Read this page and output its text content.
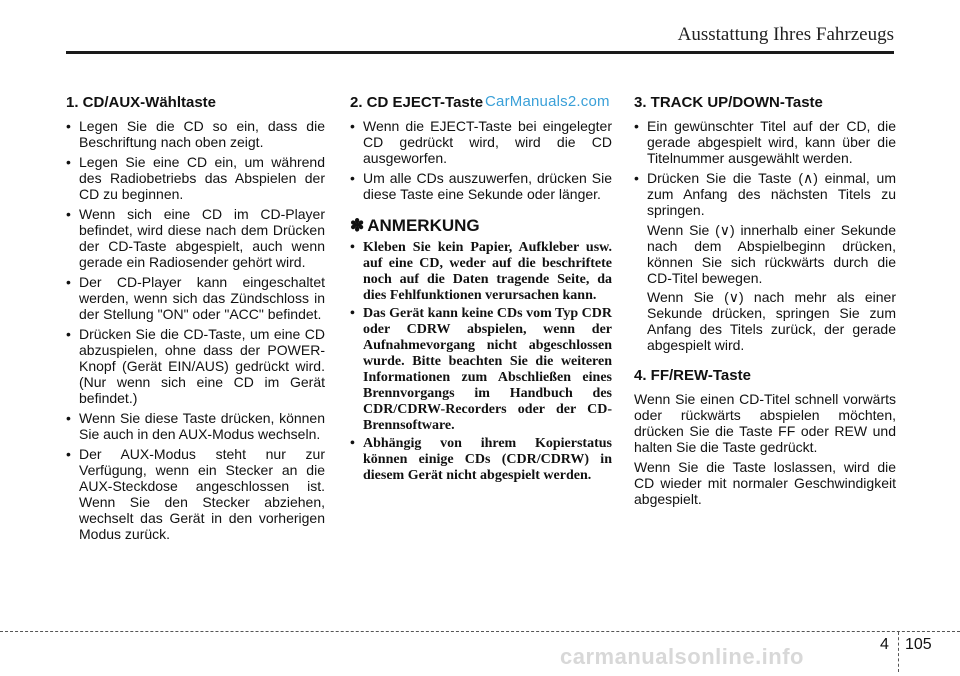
Ausstattung Ihres Fahrzeugs
1. CD/AUX-Wähltaste
• Legen Sie die CD so ein, dass die Beschriftung nach oben zeigt.
• Legen Sie eine CD ein, um während des Radiobetriebs das Abspielen der CD zu beginnen.
• Wenn sich eine CD im CD-Player befindet, wird diese nach dem Drücken der CD-Taste abgespielt, auch wenn gerade ein Radiosender gehört wird.
• Der CD-Player kann eingeschaltet werden, wenn sich das Zündschloss in der Stellung "ON" oder "ACC" befindet.
• Drücken Sie die CD-Taste, um eine CD abzuspielen, ohne dass der POWER-Knopf (Gerät EIN/AUS) gedrückt wird. (Nur wenn sich eine CD im Gerät befindet.)
• Wenn Sie diese Taste drücken, können Sie auch in den AUX-Modus wechseln.
• Der AUX-Modus steht nur zur Verfügung, wenn ein Stecker an die AUX-Steckdose angeschlossen ist. Wenn Sie den Stecker abziehen, wechselt das Gerät in den vorherigen Modus zurück.
2. CD EJECT-Taste
• Wenn die EJECT-Taste bei eingelegter CD gedrückt wird, wird die CD ausgeworfen.
• Um alle CDs auszuwerfen, drücken Sie diese Taste eine Sekunde oder länger.
✽ ANMERKUNG
• Kleben Sie kein Papier, Aufkleber usw. auf eine CD, weder auf die beschriftete noch auf die Daten tragende Seite, da dies Fehlfunktionen verursachen kann.
• Das Gerät kann keine CDs vom Typ CDR oder CDRW abspielen, wenn der Aufnahmevorgang nicht abgeschlossen wurde. Bitte beachten Sie die weiteren Informationen zum Abschließen eines Brennvorgangs im Handbuch des CDR/CDRW-Recorders oder der CD-Brennsoftware.
• Abhängig von ihrem Kopierstatus können einige CDs (CDR/CDRW) in diesem Gerät nicht abgespielt werden.
3. TRACK UP/DOWN-Taste
• Ein gewünschter Titel auf der CD, die gerade abgespielt wird, kann über die Titelnummer ausgewählt werden.
• Drücken Sie die Taste (∧) einmal, um zum Anfang des nächsten Titels zu springen.

Wenn Sie (∨) innerhalb einer Sekunde nach dem Abspielbeginn drücken, können Sie sich rückwärts durch die CD-Titel bewegen.

Wenn Sie (∨) nach mehr als einer Sekunde drücken, springen Sie zum Anfang des Titels zurück, der gerade abgespielt wird.

4. FF/REW-Taste

Wenn Sie einen CD-Titel schnell vorwärts oder rückwärts abspielen möchten, drücken Sie die Taste FF oder REW und halten Sie die Taste gedrückt.

Wenn Sie die Taste loslassen, wird die CD wieder mit normaler Geschwindigkeit abgespielt.

CarManuals2.com
4 105
carmanualsonline.info
